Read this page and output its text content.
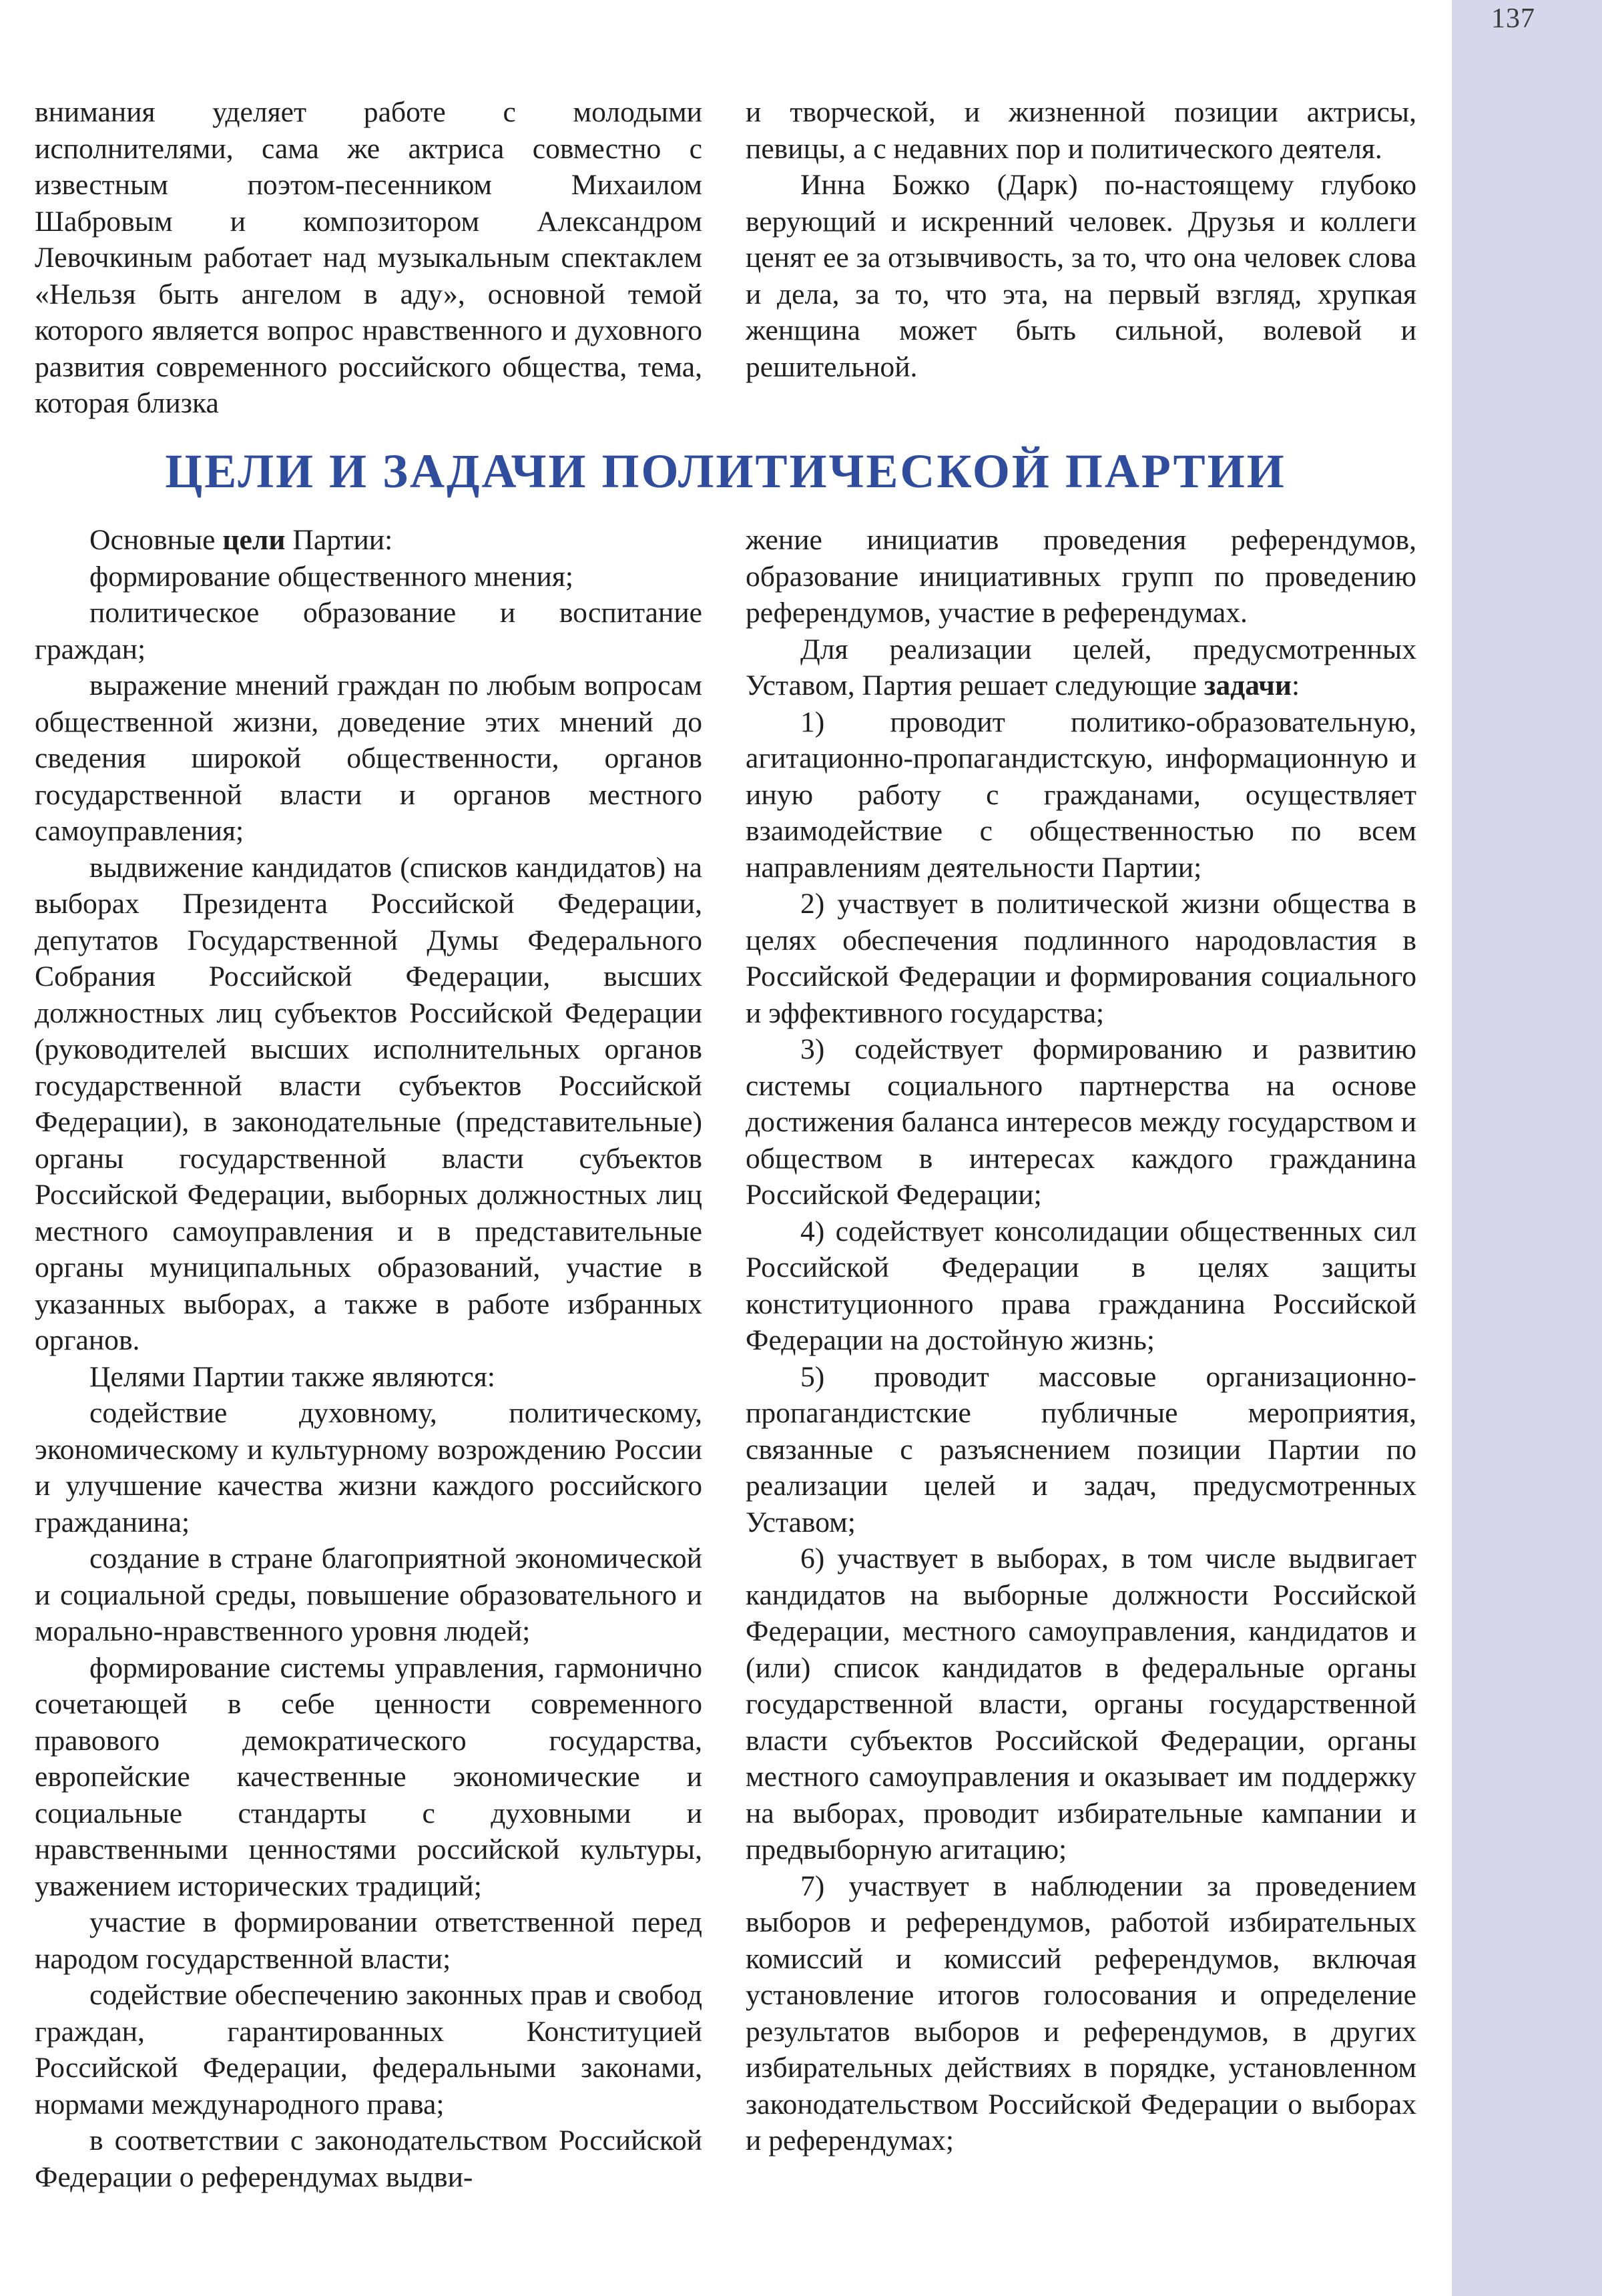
137

внимания уделяет работе с молодыми исполнителями, сама же актриса совместно с известным поэтом-песенником Михаилом Шабровым и композитором Александром Левочкиным работает над музыкальным спектаклем «Нельзя быть ангелом в аду», основной темой которого является вопрос нравственного и духовного развития современного российского общества, тема, которая близка

и творческой, и жизненной позиции актрисы, певицы, а с недавних пор и политического деятеля.

Инна Божко (Дарк) по-настоящему глубоко верующий и искренний человек. Друзья и коллеги ценят ее за отзывчивость, за то, что она человек слова и дела, за то, что эта, на первый взгляд, хрупкая женщина может быть сильной, волевой и решительной.

ЦЕЛИ И ЗАДАЧИ ПОЛИТИЧЕСКОЙ ПАРТИИ

Основные цели Партии:

формирование общественного мнения;

политическое образование и воспитание граждан;

выражение мнений граждан по любым вопросам общественной жизни, доведение этих мнений до сведения широкой общественности, органов государственной власти и органов местного самоуправления;

выдвижение кандидатов (списков кандидатов) на выборах Президента Российской Федерации, депутатов Государственной Думы Федерального Собрания Российской Федерации, высших должностных лиц субъектов Российской Федерации (руководителей высших исполнительных органов государственной власти субъектов Российской Федерации), в законодательные (представительные) органы государственной власти субъектов Российской Федерации, выборных должностных лиц местного самоуправления и в представительные органы муниципальных образований, участие в указанных выборах, а также в работе избранных органов.

Целями Партии также являются:

содействие духовному, политическому, экономическому и культурному возрождению России и улучшение качества жизни каждого российского гражданина;

создание в стране благоприятной экономической и социальной среды, повышение образовательного и морально-нравственного уровня людей;

формирование системы управления, гармонично сочетающей в себе ценности современного правового демократического государства, европейские качественные экономические и социальные стандарты с духовными и нравственными ценностями российской культуры, уважением исторических традиций;

участие в формировании ответственной перед народом государственной власти;

содействие обеспечению законных прав и свобод граждан, гарантированных Конституцией Российской Федерации, федеральными законами, нормами международного права;

в соответствии с законодательством Российской Федерации о референдумах выдви-

жение инициатив проведения референдумов, образование инициативных групп по проведению референдумов, участие в референдумах.

Для реализации целей, предусмотренных Уставом, Партия решает следующие задачи:

1) проводит политико-образовательную, агитационно-пропагандистскую, информационную и иную работу с гражданами, осуществляет взаимодействие с общественностью по всем направлениям деятельности Партии;

2) участвует в политической жизни общества в целях обеспечения подлинного народовластия в Российской Федерации и формирования социального и эффективного государства;

3) содействует формированию и развитию системы социального партнерства на основе достижения баланса интересов между государством и обществом в интересах каждого гражданина Российской Федерации;

4) содействует консолидации общественных сил Российской Федерации в целях защиты конституционного права гражданина Российской Федерации на достойную жизнь;

5) проводит массовые организационно-пропагандистские публичные мероприятия, связанные с разъяснением позиции Партии по реализации целей и задач, предусмотренных Уставом;

6) участвует в выборах, в том числе выдвигает кандидатов на выборные должности Российской Федерации, местного самоуправления, кандидатов и (или) список кандидатов в федеральные органы государственной власти, органы государственной власти субъектов Российской Федерации, органы местного самоуправления и оказывает им поддержку на выборах, проводит избирательные кампании и предвыборную агитацию;

7) участвует в наблюдении за проведением выборов и референдумов, работой избирательных комиссий и комиссий референдумов, включая установление итогов голосования и определение результатов выборов и референдумов, в других избирательных действиях в порядке, установленном законодательством Российской Федерации о выборах и референдумах;
